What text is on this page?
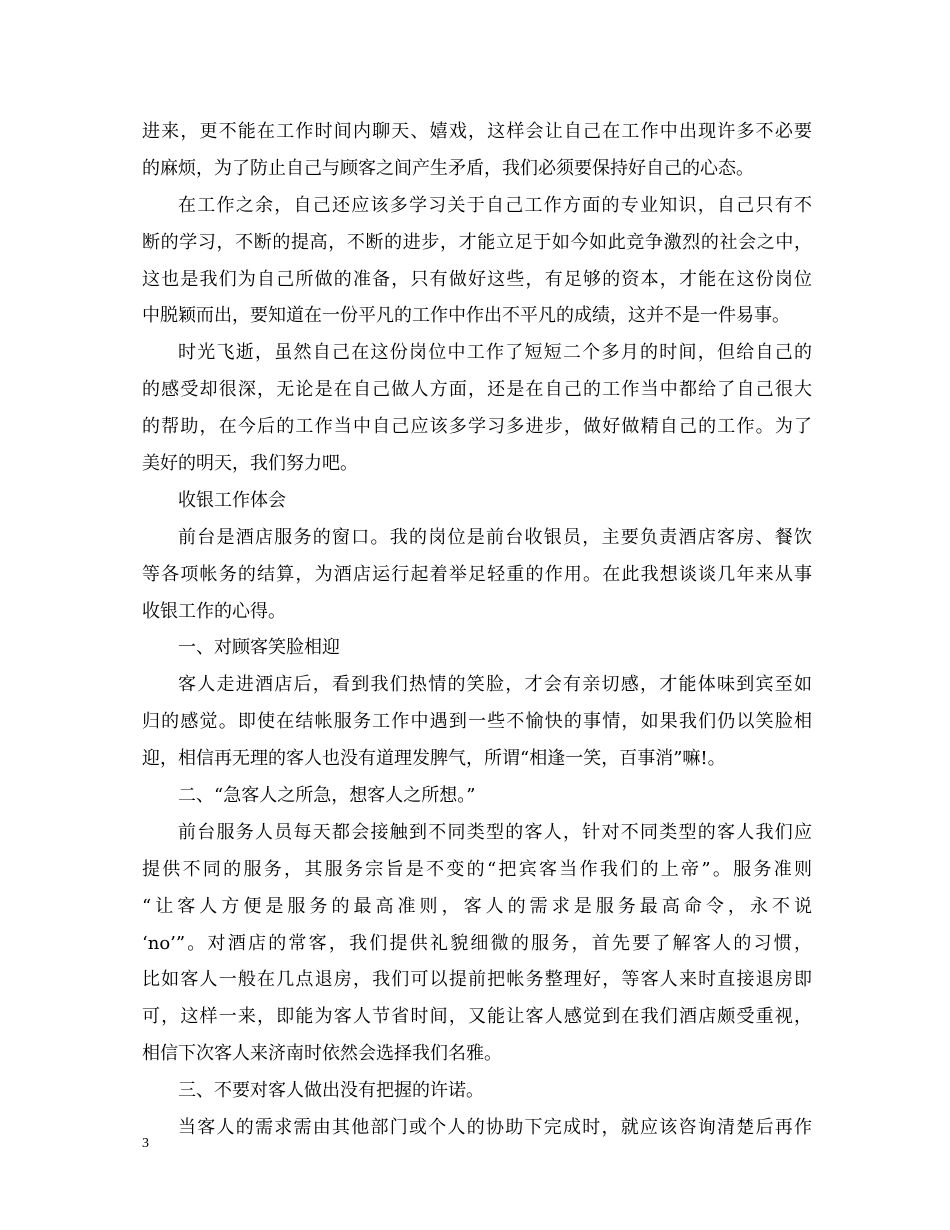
进来，更不能在工作时间内聊天、嬉戏，这样会让自己在工作中出现许多不必要
的麻烦，为了防止自己与顾客之间产生矛盾，我们必须要保持好自己的心态。
在工作之余，自己还应该多学习关于自己工作方面的专业知识，自己只有不
断的学习，不断的提高，不断的进步，才能立足于如今如此竞争激烈的社会之中，
这也是我们为自己所做的准备，只有做好这些，有足够的资本，才能在这份岗位
中脱颖而出，要知道在一份平凡的工作中作出不平凡的成绩，这并不是一件易事。
时光飞逝，虽然自己在这份岗位中工作了短短二个多月的时间，但给自己的
的感受却很深，无论是在自己做人方面，还是在自己的工作当中都给了自己很大
的帮助，在今后的工作当中自己应该多学习多进步，做好做精自己的工作。为了
美好的明天，我们努力吧。
收银工作体会
前台是酒店服务的窗口。我的岗位是前台收银员，主要负责酒店客房、餐饮
等各项帐务的结算，为酒店运行起着举足轻重的作用。在此我想谈谈几年来从事
收银工作的心得。
一、对顾客笑脸相迎
客人走进酒店后，看到我们热情的笑脸，才会有亲切感，才能体味到宾至如
归的感觉。即使在结帐服务工作中遇到一些不愉快的事情，如果我们仍以笑脸相
迎，相信再无理的客人也没有道理发脾气，所谓“相逢一笑，百事消”嘛!。
二、“急客人之所急，想客人之所想。”
前台服务人员每天都会接触到不同类型的客人，针对不同类型的客人我们应
提供不同的服务，其服务宗旨是不变的“把宾客当作我们的上帝”。服务准则
“让客人方便是服务的最高准则，客人的需求是服务最高命令，永不说
‘no’”。对酒店的常客，我们提供礼貌细微的服务，首先要了解客人的习惯，
比如客人一般在几点退房，我们可以提前把帐务整理好，等客人来时直接退房即
可，这样一来，即能为客人节省时间，又能让客人感觉到在我们酒店颇受重视，
相信下次客人来济南时依然会选择我们名雅。
三、不要对客人做出没有把握的许诺。
当客人的需求需由其他部门或个人的协助下完成时，就应该咨询清楚后再作
3
